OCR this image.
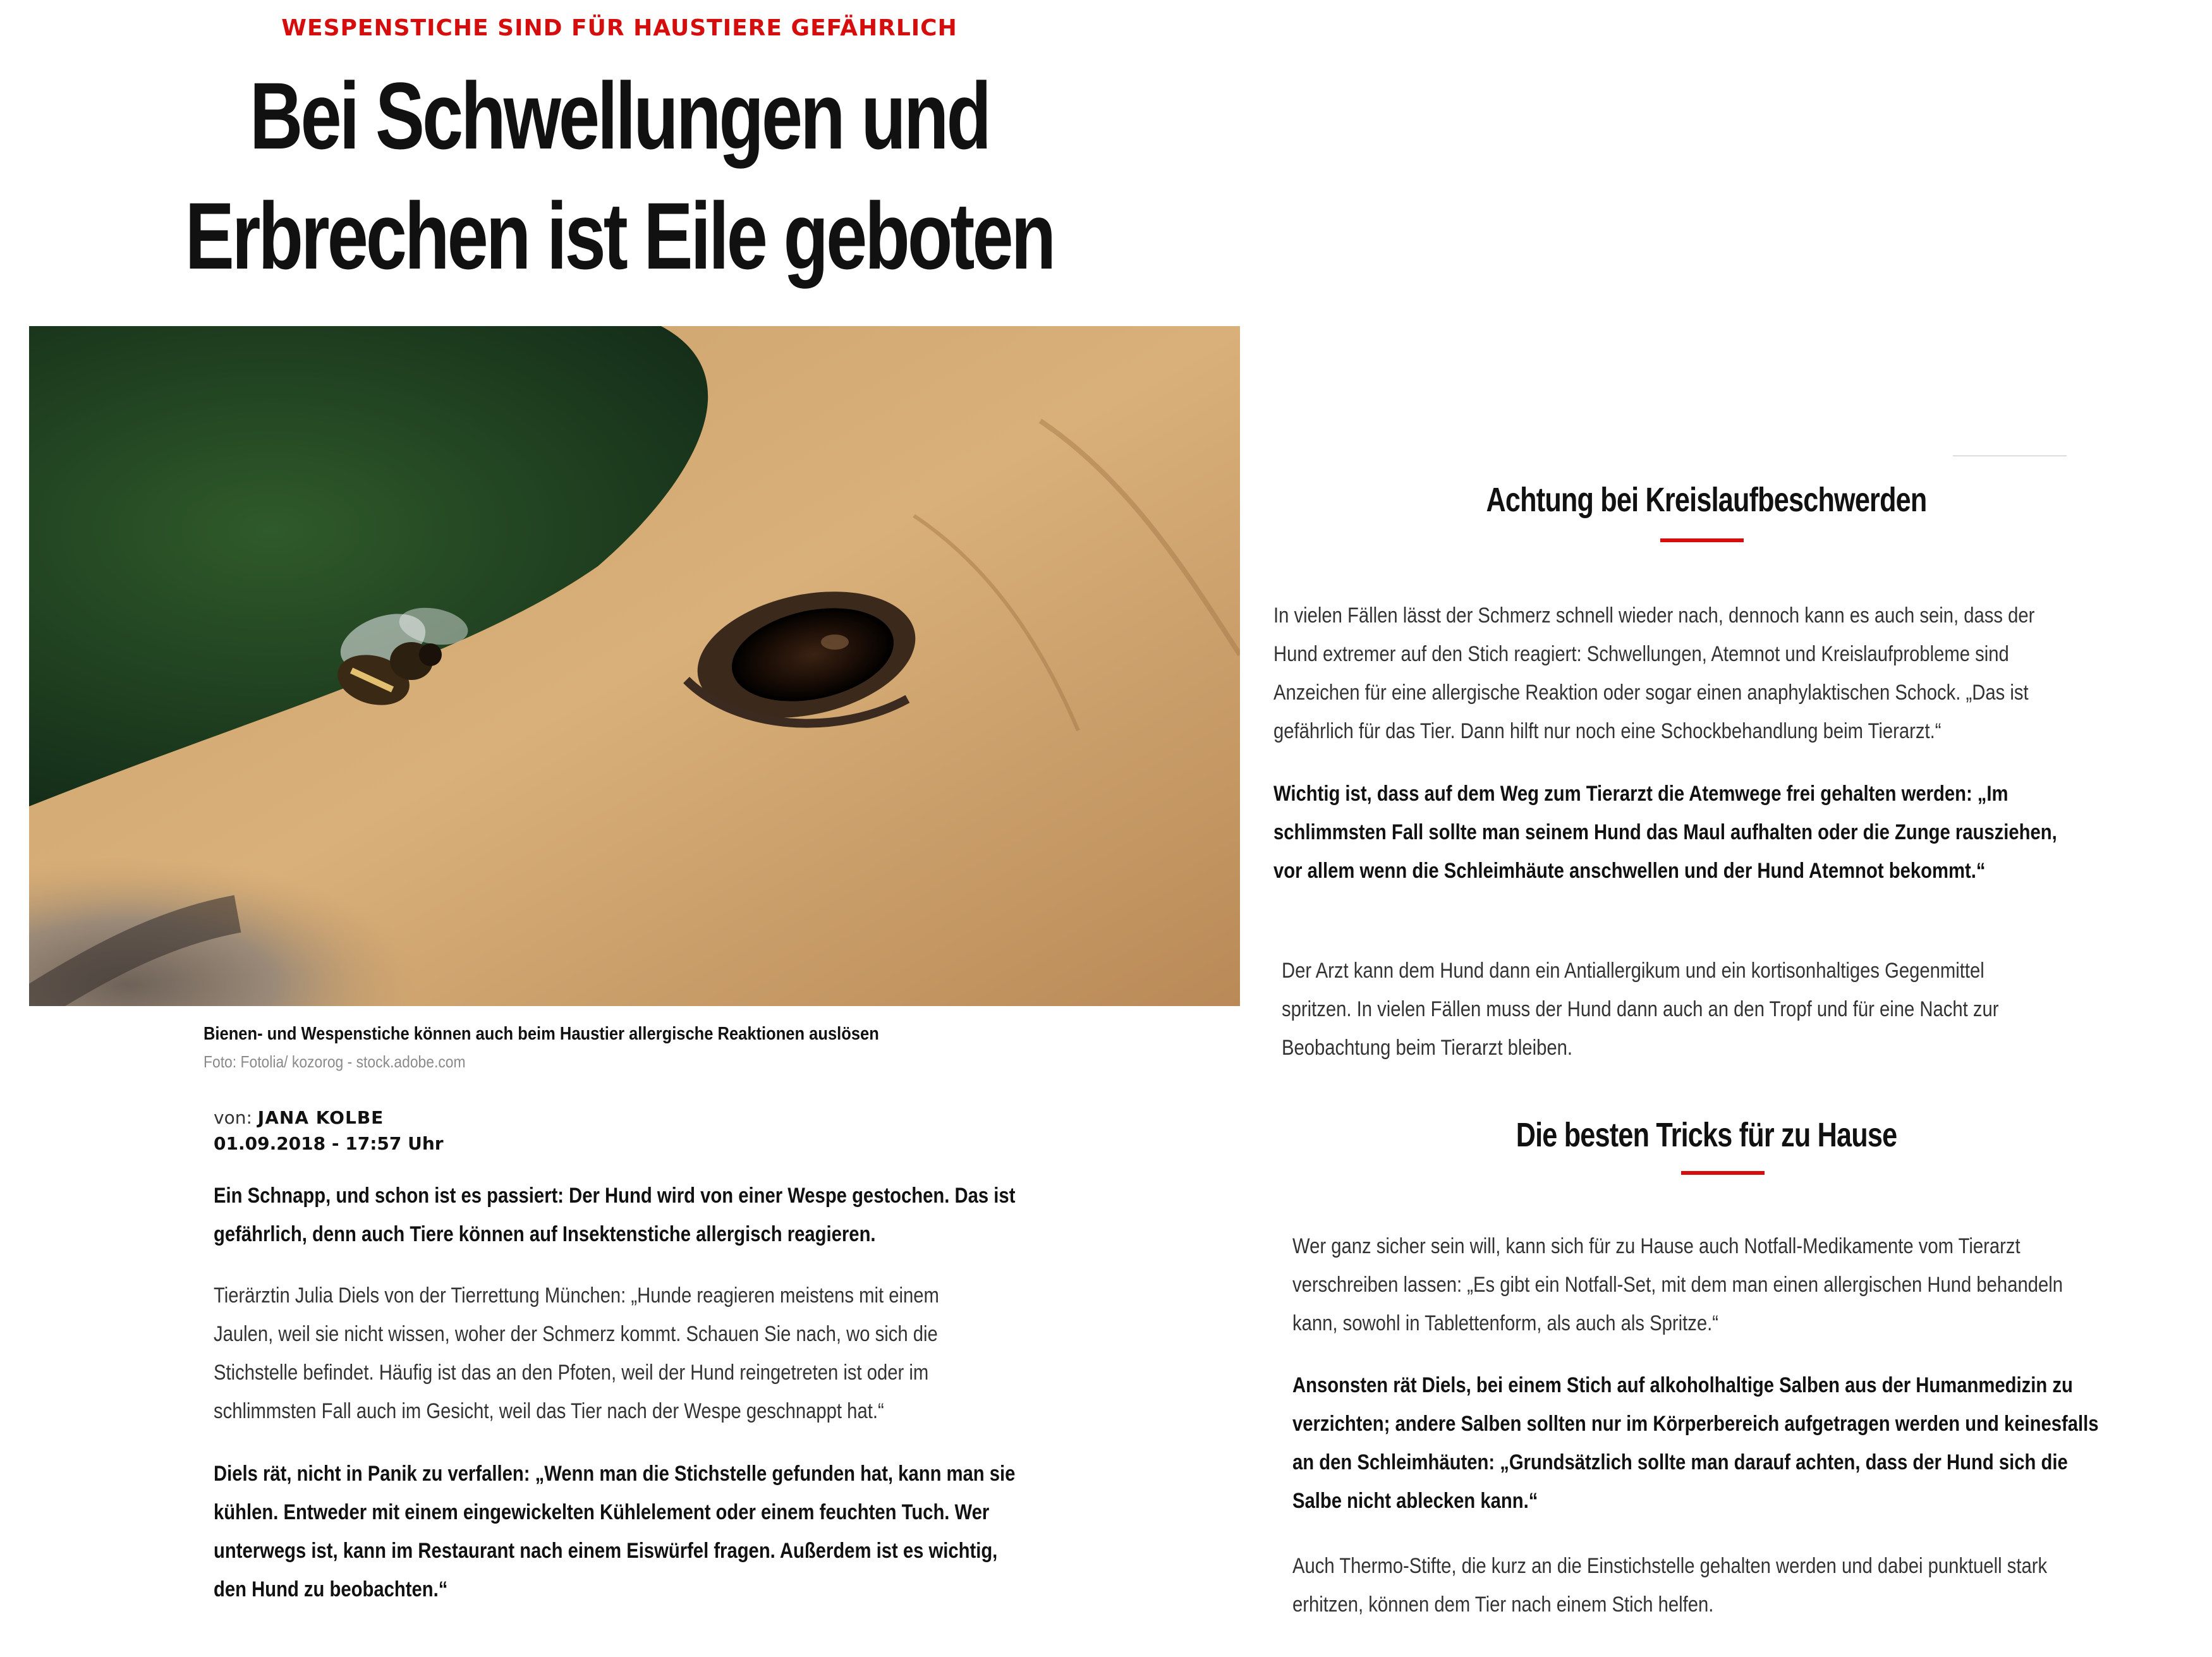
WESPENSTICHE SIND FÜR HAUSTIERE GEFÄHRLICH
Bei Schwellungen und
Erbrechen ist Eile geboten
Bienen- und Wespenstiche können auch beim Haustier allergische Reaktionen auslösen
Foto: Fotolia/ kozorog - stock.adobe.com
von: JANA KOLBE
01.09.2018 - 17:57 Uhr

Ein Schnapp, und schon ist es passiert: Der Hund wird von einer Wespe gestochen. Das ist
gefährlich, denn auch Tiere können auf Insektenstiche allergisch reagieren.

Tierärztin Julia Diels von der Tierrettung München: „Hunde reagieren meistens mit einem
Jaulen, weil sie nicht wissen, woher der Schmerz kommt. Schauen Sie nach, wo sich die
Stichstelle befindet. Häufig ist das an den Pfoten, weil der Hund reingetreten ist oder im
schlimmsten Fall auch im Gesicht, weil das Tier nach der Wespe geschnappt hat.“

Diels rät, nicht in Panik zu verfallen: „Wenn man die Stichstelle gefunden hat, kann man sie
kühlen. Entweder mit einem eingewickelten Kühlelement oder einem feuchten Tuch. Wer
unterwegs ist, kann im Restaurant nach einem Eiswürfel fragen. Außerdem ist es wichtig,
den Hund zu beobachten.“

——————————
Achtung bei Kreislaufbeschwerden

In vielen Fällen lässt der Schmerz schnell wieder nach, dennoch kann es auch sein, dass der
Hund extremer auf den Stich reagiert: Schwellungen, Atemnot und Kreislaufprobleme sind
Anzeichen für eine allergische Reaktion oder sogar einen anaphylaktischen Schock. „Das ist
gefährlich für das Tier. Dann hilft nur noch eine Schockbehandlung beim Tierarzt.“

Wichtig ist, dass auf dem Weg zum Tierarzt die Atemwege frei gehalten werden: „Im
schlimmsten Fall sollte man seinem Hund das Maul aufhalten oder die Zunge rausziehen,
vor allem wenn die Schleimhäute anschwellen und der Hund Atemnot bekommt.“

Der Arzt kann dem Hund dann ein Antiallergikum und ein kortisonhaltiges Gegenmittel
spritzen. In vielen Fällen muss der Hund dann auch an den Tropf und für eine Nacht zur
Beobachtung beim Tierarzt bleiben.

Die besten Tricks für zu Hause

Wer ganz sicher sein will, kann sich für zu Hause auch Notfall-Medikamente vom Tierarzt
verschreiben lassen: „Es gibt ein Notfall-Set, mit dem man einen allergischen Hund behandeln
kann, sowohl in Tablettenform, als auch als Spritze.“

Ansonsten rät Diels, bei einem Stich auf alkoholhaltige Salben aus der Humanmedizin zu
verzichten; andere Salben sollten nur im Körperbereich aufgetragen werden und keinesfalls
an den Schleimhäuten: „Grundsätzlich sollte man darauf achten, dass der Hund sich die
Salbe nicht ablecken kann.“

Auch Thermo-Stifte, die kurz an die Einstichstelle gehalten werden und dabei punktuell stark
erhitzen, können dem Tier nach einem Stich helfen.
